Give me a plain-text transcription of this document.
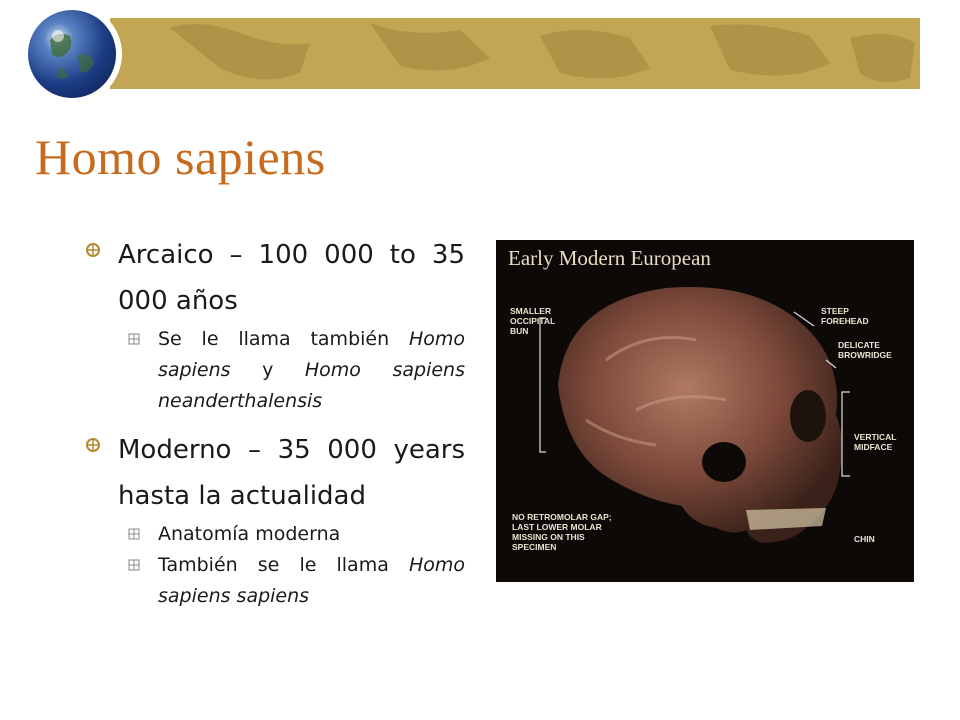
Homo sapiens
Arcaico – 100 000 to 35 000 años
Se le llama también Homo sapiens y Homo sapiens neanderthalensis
Moderno – 35 000 years hasta la actualidad
Anatomía moderna
También se le llama Homo sapiens sapiens
Early Modern European
SMALLER
OCCIPITAL
BUN
STEEP
FOREHEAD
DELICATE
BROWRIDGE
VERTICAL
MIDFACE
NO RETROMOLAR GAP;
LAST LOWER MOLAR
MISSING ON THIS
SPECIMEN
CHIN
